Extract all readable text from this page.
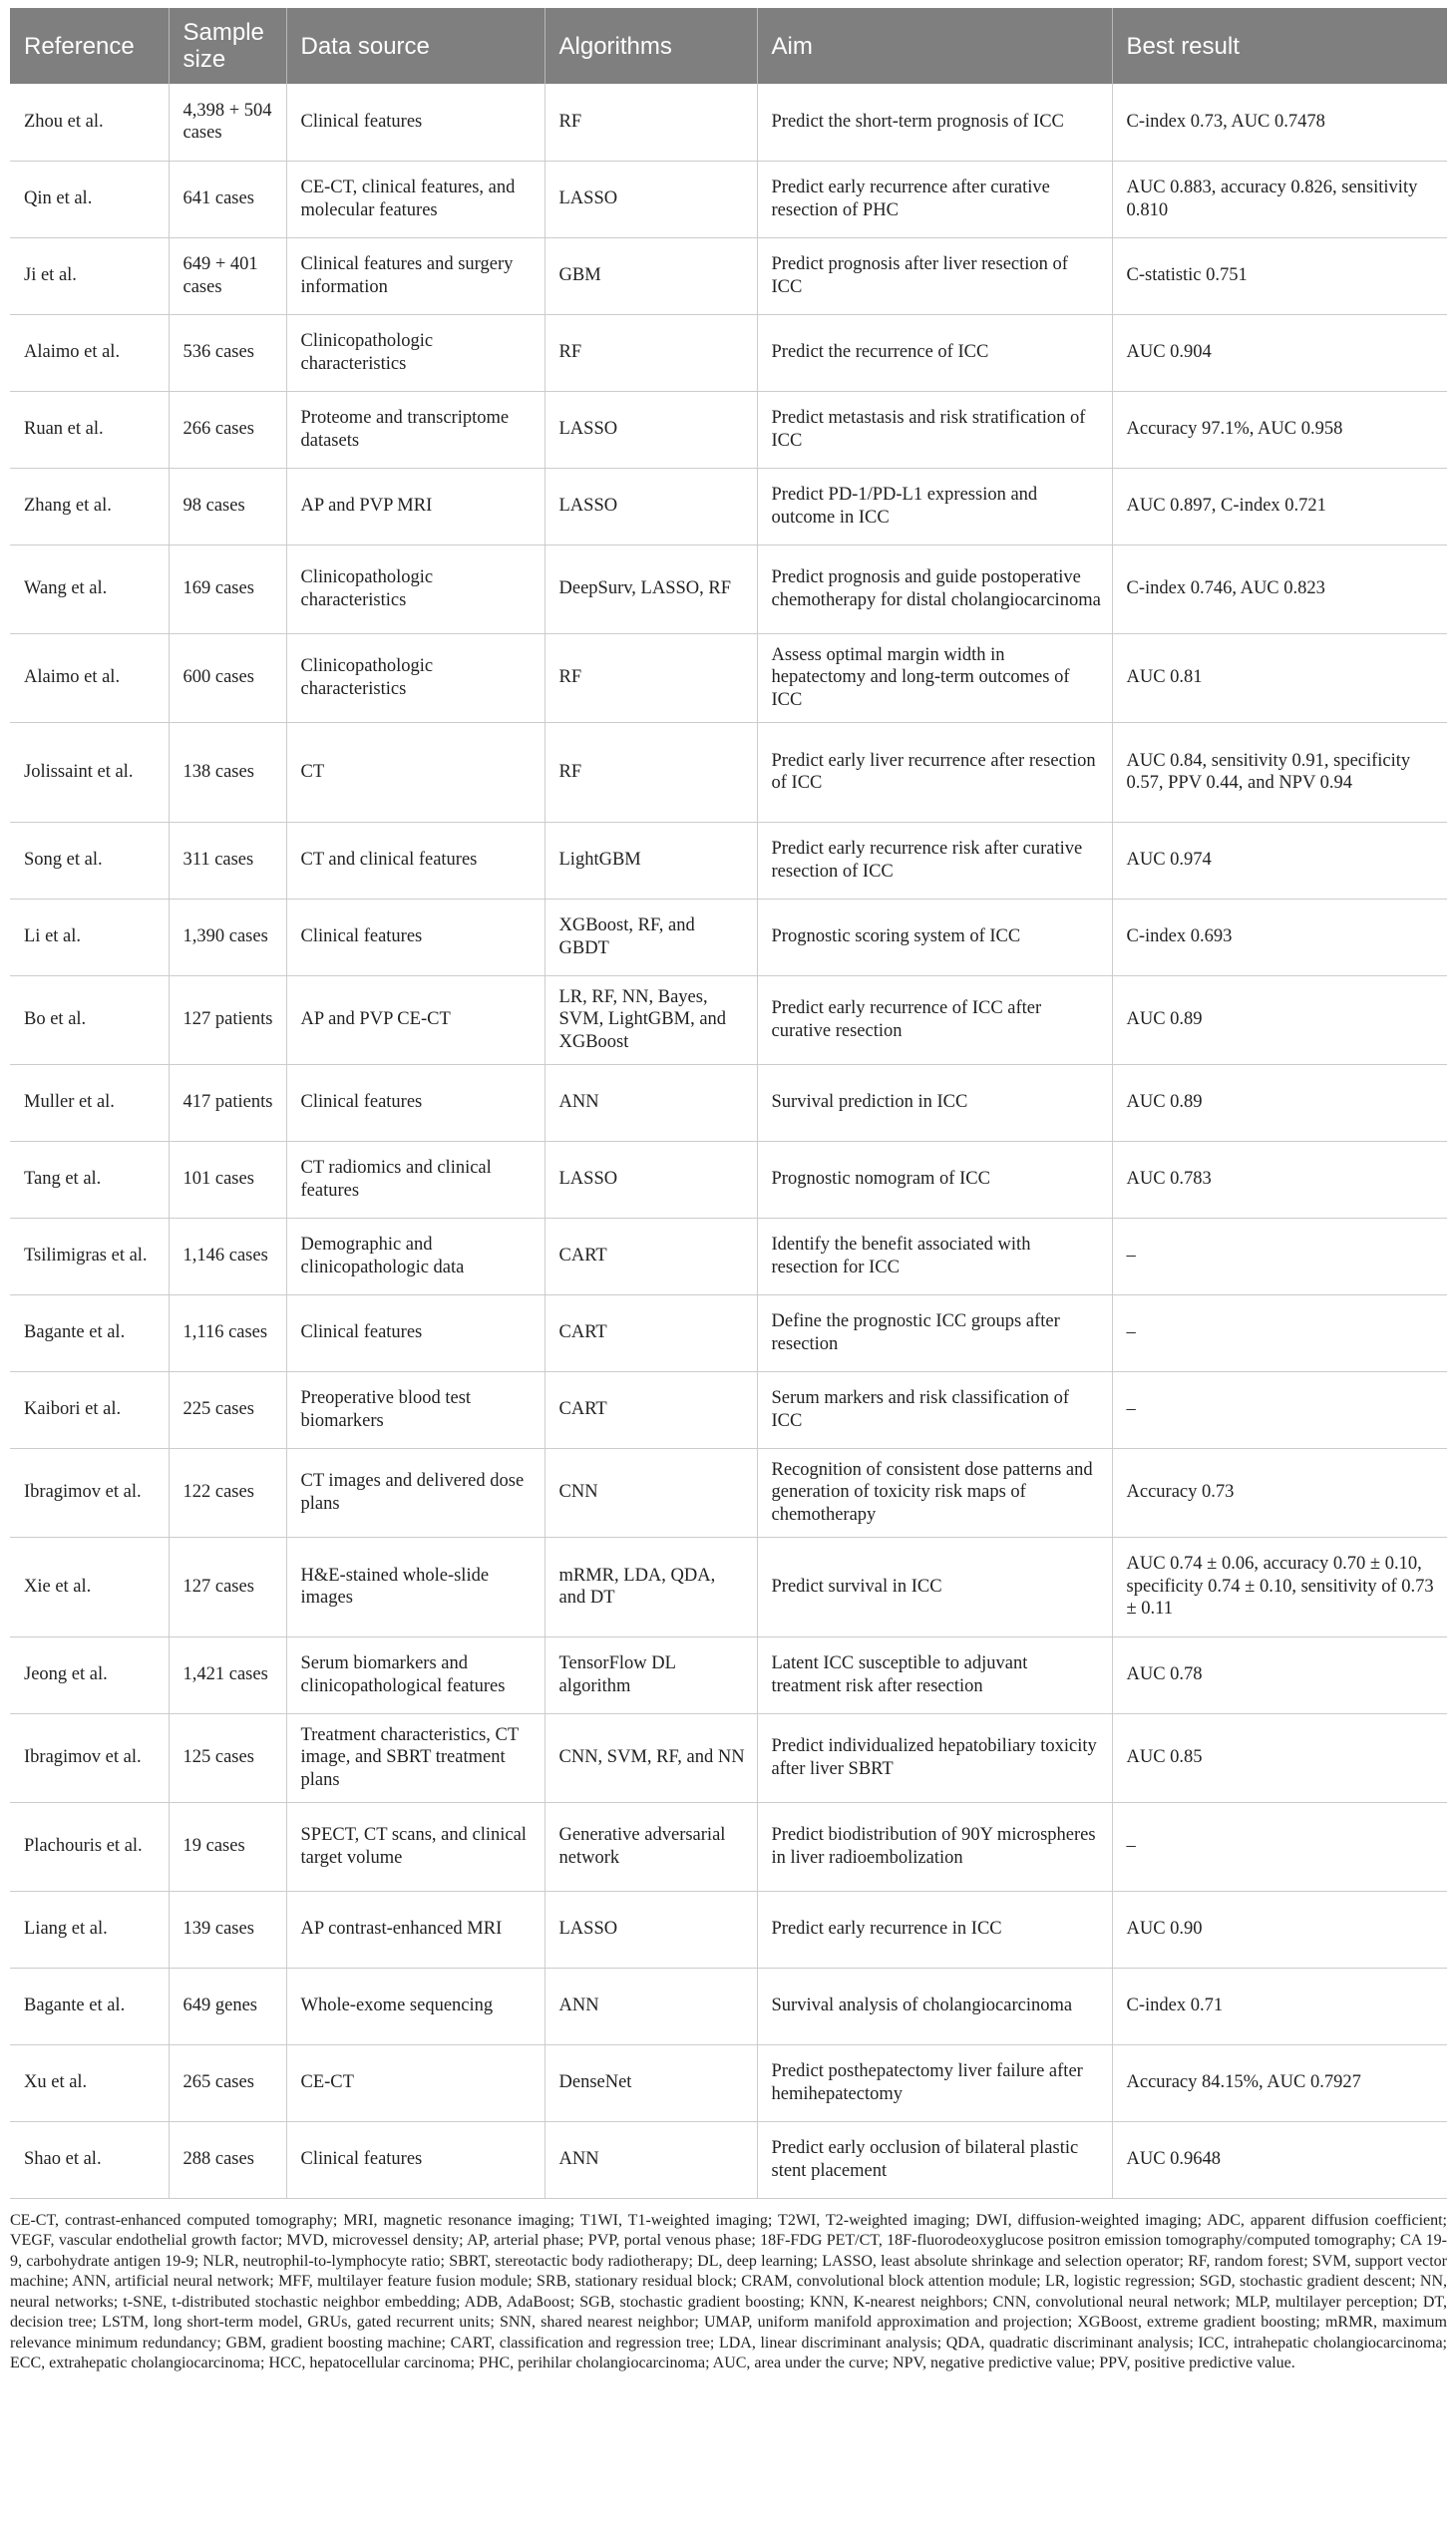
Reference	Sample size	Data source	Algorithms	Aim	Best result
Zhou et al.	4,398 + 504 cases	Clinical features	RF	Predict the short-term prognosis of ICC	C-index 0.73, AUC 0.7478
Qin et al.	641 cases	CE-CT, clinical features, and molecular features	LASSO	Predict early recurrence after curative resection of PHC	AUC 0.883, accuracy 0.826, sensitivity 0.810
Ji et al.	649 + 401 cases	Clinical features and surgery information	GBM	Predict prognosis after liver resection of ICC	C-statistic 0.751
Alaimo et al.	536 cases	Clinicopathologic characteristics	RF	Predict the recurrence of ICC	AUC 0.904
Ruan et al.	266 cases	Proteome and transcriptome datasets	LASSO	Predict metastasis and risk stratification of ICC	Accuracy 97.1%, AUC 0.958
Zhang et al.	98 cases	AP and PVP MRI	LASSO	Predict PD-1/PD-L1 expression and outcome in ICC	AUC 0.897, C-index 0.721
Wang et al.	169 cases	Clinicopathologic characteristics	DeepSurv, LASSO, RF	Predict prognosis and guide postoperative chemotherapy for distal cholangiocarcinoma	C-index 0.746, AUC 0.823
Alaimo et al.	600 cases	Clinicopathologic characteristics	RF	Assess optimal margin width in hepatectomy and long-term outcomes of ICC	AUC 0.81
Jolissaint et al.	138 cases	CT	RF	Predict early liver recurrence after resection of ICC	AUC 0.84, sensitivity 0.91, specificity 0.57, PPV 0.44, and NPV 0.94
Song et al.	311 cases	CT and clinical features	LightGBM	Predict early recurrence risk after curative resection of ICC	AUC 0.974
Li et al.	1,390 cases	Clinical features	XGBoost, RF, and GBDT	Prognostic scoring system of ICC	C-index 0.693
Bo et al.	127 patients	AP and PVP CE-CT	LR, RF, NN, Bayes, SVM, LightGBM, and XGBoost	Predict early recurrence of ICC after curative resection	AUC 0.89
Muller et al.	417 patients	Clinical features	ANN	Survival prediction in ICC	AUC 0.89
Tang et al.	101 cases	CT radiomics and clinical features	LASSO	Prognostic nomogram of ICC	AUC 0.783
Tsilimigras et al.	1,146 cases	Demographic and clinicopathologic data	CART	Identify the benefit associated with resection for ICC	–
Bagante et al.	1,116 cases	Clinical features	CART	Define the prognostic ICC groups after resection	–
Kaibori et al.	225 cases	Preoperative blood test biomarkers	CART	Serum markers and risk classification of ICC	–
Ibragimov et al.	122 cases	CT images and delivered dose plans	CNN	Recognition of consistent dose patterns and generation of toxicity risk maps of chemotherapy	Accuracy 0.73
Xie et al.	127 cases	H&E-stained whole-slide images	mRMR, LDA, QDA, and DT	Predict survival in ICC	AUC 0.74 ± 0.06, accuracy 0.70 ± 0.10, specificity 0.74 ± 0.10, sensitivity of 0.73 ± 0.11
Jeong et al.	1,421 cases	Serum biomarkers and clinicopathological features	TensorFlow DL algorithm	Latent ICC susceptible to adjuvant treatment risk after resection	AUC 0.78
Ibragimov et al.	125 cases	Treatment characteristics, CT image, and SBRT treatment plans	CNN, SVM, RF, and NN	Predict individualized hepatobiliary toxicity after liver SBRT	AUC 0.85
Plachouris et al.	19 cases	SPECT, CT scans, and clinical target volume	Generative adversarial network	Predict biodistribution of 90Y microspheres in liver radioembolization	–
Liang et al.	139 cases	AP contrast-enhanced MRI	LASSO	Predict early recurrence in ICC	AUC 0.90
Bagante et al.	649 genes	Whole-exome sequencing	ANN	Survival analysis of cholangiocarcinoma	C-index 0.71
Xu et al.	265 cases	CE-CT	DenseNet	Predict posthepatectomy liver failure after hemihepatectomy	Accuracy 84.15%, AUC 0.7927
Shao et al.	288 cases	Clinical features	ANN	Predict early occlusion of bilateral plastic stent placement	AUC 0.9648

CE-CT, contrast-enhanced computed tomography; MRI, magnetic resonance imaging; T1WI, T1-weighted imaging; T2WI, T2-weighted imaging; DWI, diffusion-weighted imaging; ADC, apparent diffusion coefficient; VEGF, vascular endothelial growth factor; MVD, microvessel density; AP, arterial phase; PVP, portal venous phase; 18F-FDG PET/CT, 18F-fluorodeoxyglucose positron emission tomography/computed tomography; CA 19-9, carbohydrate antigen 19-9; NLR, neutrophil-to-lymphocyte ratio; SBRT, stereotactic body radiotherapy; DL, deep learning; LASSO, least absolute shrinkage and selection operator; RF, random forest; SVM, support vector machine; ANN, artificial neural network; MFF, multilayer feature fusion module; SRB, stationary residual block; CRAM, convolutional block attention module; LR, logistic regression; SGD, stochastic gradient descent; NN, neural networks; t-SNE, t-distributed stochastic neighbor embedding; ADB, AdaBoost; SGB, stochastic gradient boosting; KNN, K-nearest neighbors; CNN, convolutional neural network; MLP, multilayer perception; DT, decision tree; LSTM, long short-term model, GRUs, gated recurrent units; SNN, shared nearest neighbor; UMAP, uniform manifold approximation and projection; XGBoost, extreme gradient boosting; mRMR, maximum relevance minimum redundancy; GBM, gradient boosting machine; CART, classification and regression tree; LDA, linear discriminant analysis; QDA, quadratic discriminant analysis; ICC, intrahepatic cholangiocarcinoma; ECC, extrahepatic cholangiocarcinoma; HCC, hepatocellular carcinoma; PHC, perihilar cholangiocarcinoma; AUC, area under the curve; NPV, negative predictive value; PPV, positive predictive value.
